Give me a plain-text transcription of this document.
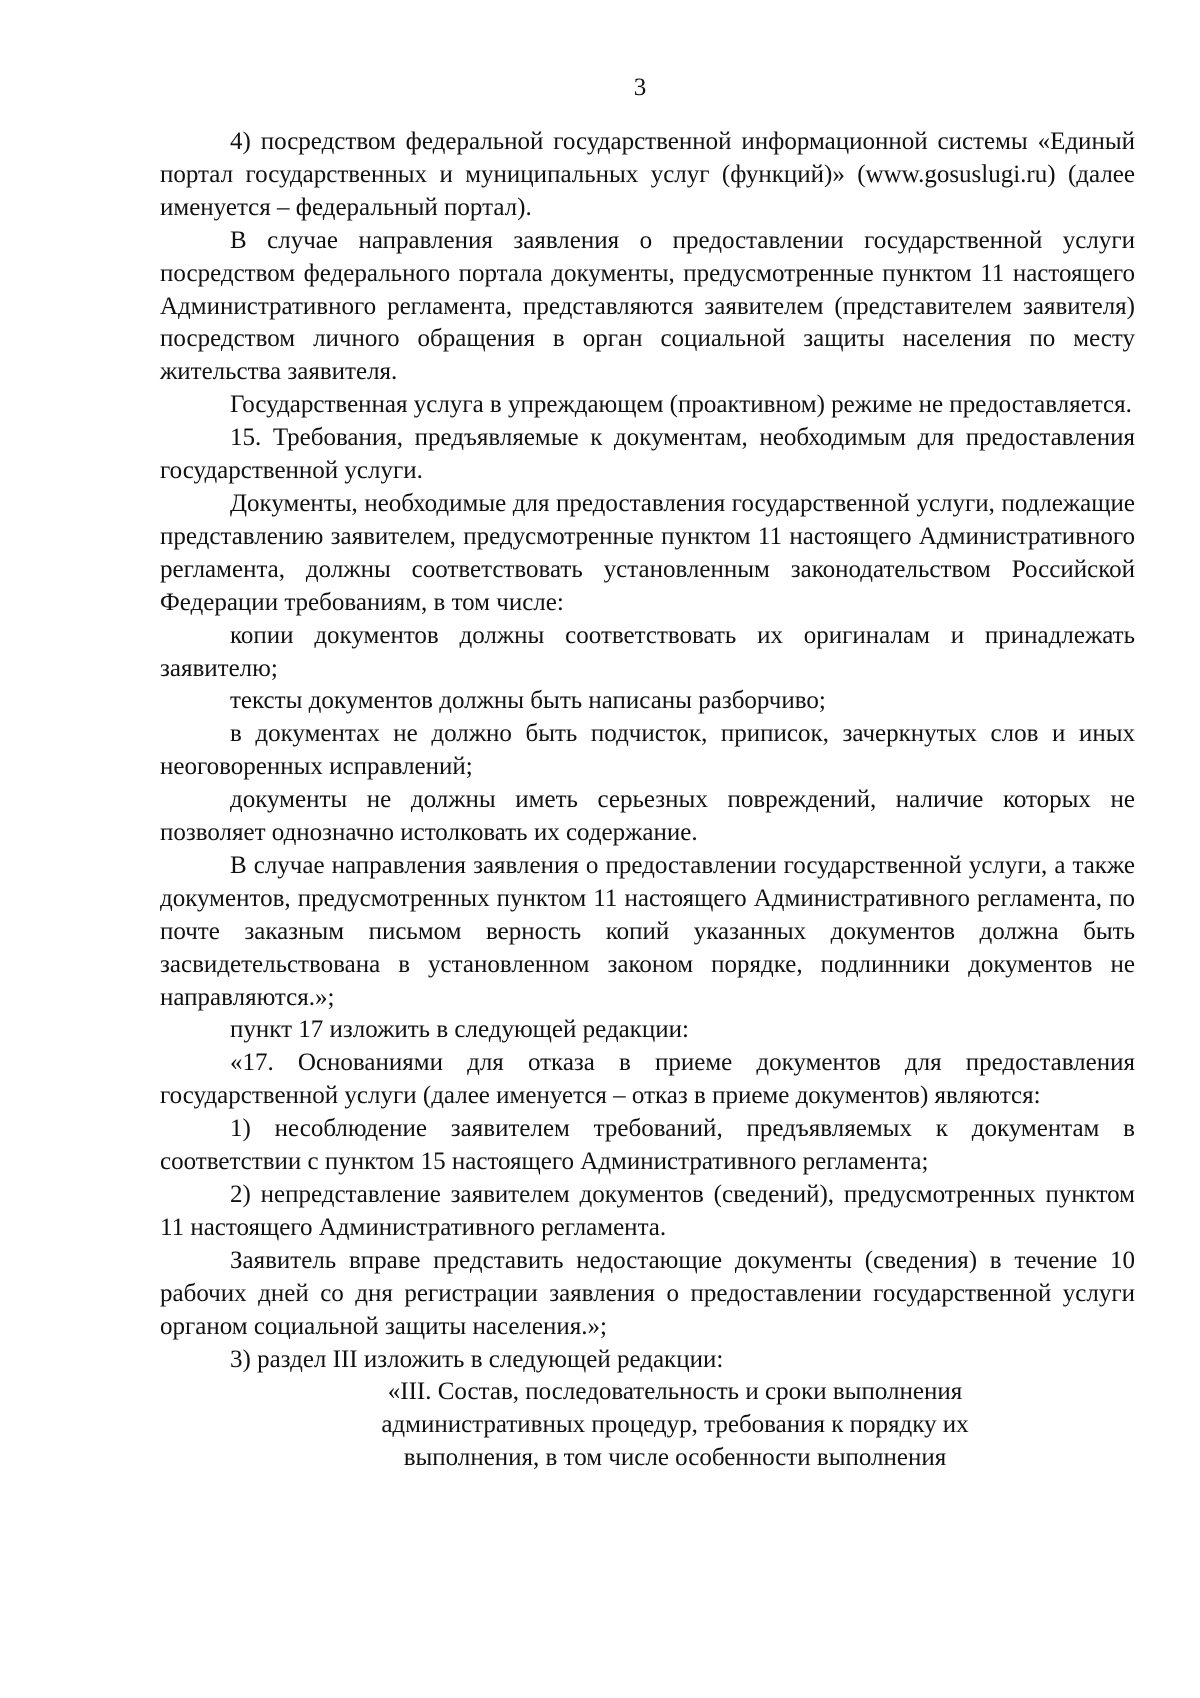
3

4) посредством федеральной государственной информационной системы «Единый портал государственных и муниципальных услуг (функций)» (www.gosuslugi.ru) (далее именуется – федеральный портал).

В случае направления заявления о предоставлении государственной услуги посредством федерального портала документы, предусмотренные пунктом 11 настоящего Административного регламента, представляются заявителем (представителем заявителя) посредством личного обращения в орган социальной защиты населения по месту жительства заявителя.

Государственная услуга в упреждающем (проактивном) режиме не предоставляется.

15. Требования, предъявляемые к документам, необходимым для предоставления государственной услуги.

Документы, необходимые для предоставления государственной услуги, подлежащие представлению заявителем, предусмотренные пунктом 11 настоящего Административного регламента, должны соответствовать установленным законодательством Российской Федерации требованиям, в том числе:

копии документов должны соответствовать их оригиналам и принадлежать заявителю;

тексты документов должны быть написаны разборчиво;

в документах не должно быть подчисток, приписок, зачеркнутых слов и иных неоговоренных исправлений;

документы не должны иметь серьезных повреждений, наличие которых не позволяет однозначно истолковать их содержание.

В случае направления заявления о предоставлении государственной услуги, а также документов, предусмотренных пунктом 11 настоящего Административного регламента, по почте заказным письмом верность копий указанных документов должна быть засвидетельствована в установленном законом порядке, подлинники документов не направляются.»;

пункт 17 изложить в следующей редакции:

«17. Основаниями для отказа в приеме документов для предоставления государственной услуги (далее именуется – отказ в приеме документов) являются:

1) несоблюдение заявителем требований, предъявляемых к документам в соответствии с пунктом 15 настоящего Административного регламента;

2) непредставление заявителем документов (сведений), предусмотренных пунктом 11 настоящего Административного регламента.

Заявитель вправе представить недостающие документы (сведения) в течение 10 рабочих дней со дня регистрации заявления о предоставлении государственной услуги органом социальной защиты населения.»;

3) раздел III изложить в следующей редакции:

«III. Состав, последовательность и сроки выполнения

административных процедур, требования к порядку их

выполнения, в том числе особенности выполнения
